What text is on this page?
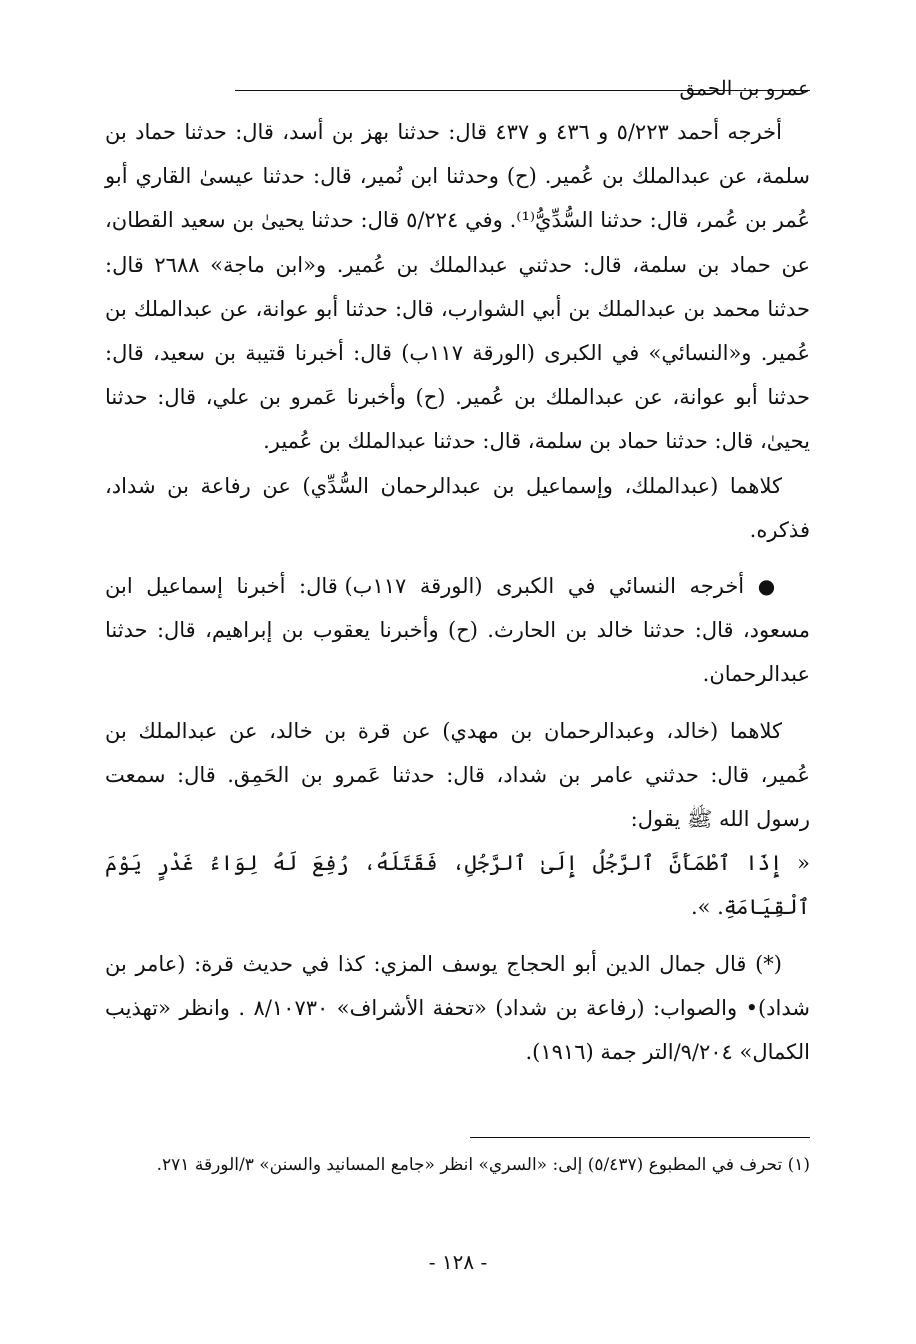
عمرو بن الحمق

أخرجه أحمد ٥/٢٢٣ و ٤٣٦ و ٤٣٧ قال: حدثنا بهز بن أسد، قال: حدثنا حماد بن سلمة، عن عبدالملك بن عُمير. (ح) وحدثنا ابن نُمير، قال: حدثنا عيسىٰ القاري أبو عُمر بن عُمر، قال: حدثنا السُّدِّيُّ⁽¹⁾. وفي ٥/٢٢٤ قال: حدثنا يحيىٰ بن سعيد القطان، عن حماد بن سلمة، قال: حدثني عبدالملك بن عُمير. و«ابن ماجة» ٢٦٨٨ قال: حدثنا محمد بن عبدالملك بن أبي الشوارب، قال: حدثنا أبو عوانة، عن عبدالملك بن عُمير. و«النسائي» في الكبرى (الورقة ١١٧ب) قال: أخبرنا قتيبة بن سعيد، قال: حدثنا أبو عوانة، عن عبدالملك بن عُمير. (ح) وأخبرنا عَمرو بن علي، قال: حدثنا يحيىٰ، قال: حدثنا حماد بن سلمة، قال: حدثنا عبدالملك بن عُمير.

كلاهما (عبدالملك، وإسماعيل بن عبدالرحمان السُّدِّي) عن رفاعة بن شداد، فذكره.

● أخرجه النسائي في الكبرى (الورقة ١١٧ب) قال: أخبرنا إسماعيل ابن مسعود، قال: حدثنا خالد بن الحارث. (ح) وأخبرنا يعقوب بن إبراهيم، قال: حدثنا عبدالرحمان.

كلاهما (خالد، وعبدالرحمان بن مهدي) عن قرة بن خالد، عن عبدالملك بن عُمير، قال: حدثني عامر بن شداد، قال: حدثنا عَمرو بن الحَمِق. قال: سمعت رسول الله ﷺ يقول:

« إِذَا ٱطْمَأَنَّ ٱلرَّجُلُ إِلَىٰ ٱلرَّجُلِ، فَقَتَلَهُ، رُفِعَ لَهُ لِوَاءُ غَدْرٍ يَوْمَ ٱلْقِيَامَةِ. ».

(*) قال جمال الدين أبو الحجاج يوسف المزي: كذا في حديث قرة: (عامر بن شداد)• والصواب: (رفاعة بن شداد) «تحفة الأشراف» ٨/١٠٧٣٠ . وانظر «تهذيب الكمال» ٩/٢٠٤/التر جمة (١٩١٦).

(١) تحرف في المطبوع (٥/٤٣٧) إلى: «السري» انظر «جامع المسانيد والسنن» ٣/الورقة ٢٧١.

- ١٢٨ -
